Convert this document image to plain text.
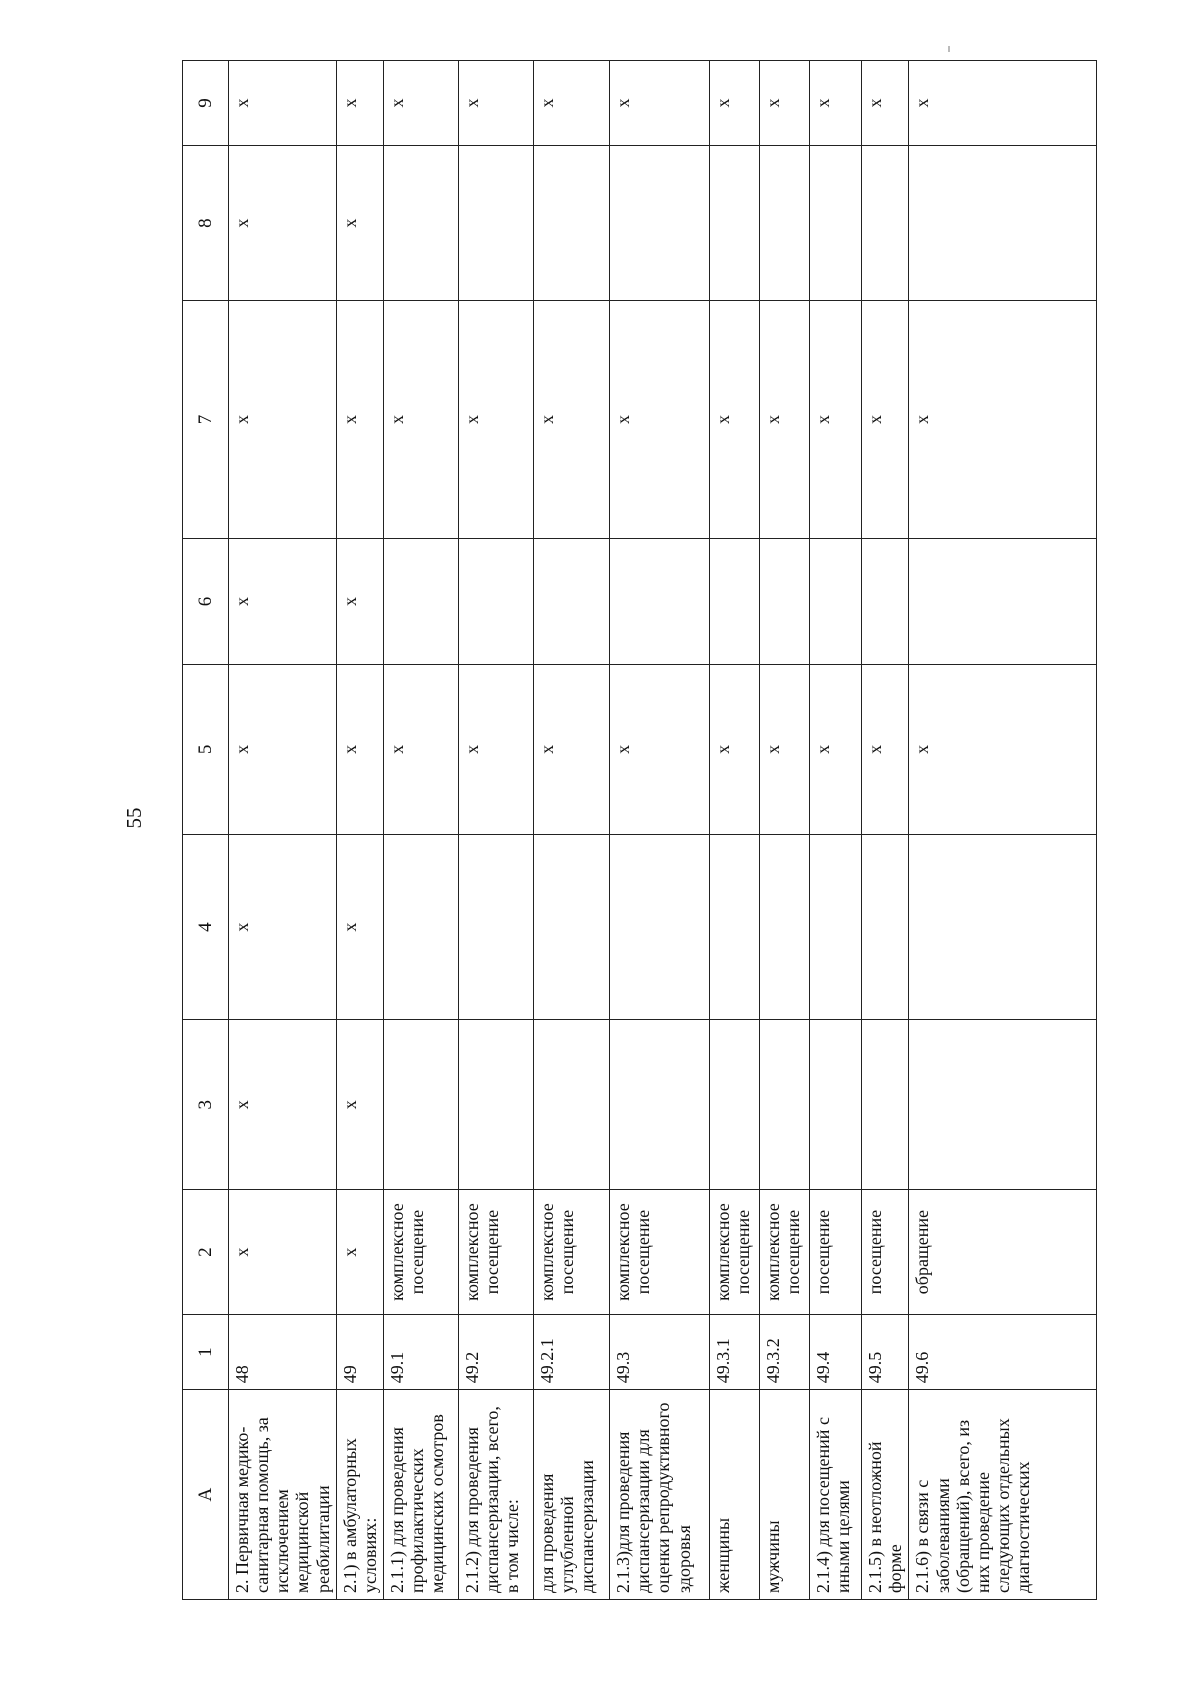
55
А	1	2	3	4	5	6	7	8	9
2. Первичная медико-санитарная помощь, за исключением медицинской реабилитации	48	х	х	х	х	х	х	х	х
2.1) в амбулаторных условиях:	49	х	х	х	х	х	х	х	х
2.1.1) для проведения профилактических медицинских осмотров	49.1	комплексное посещение			х		х		х
2.1.2) для проведения диспансеризации, всего, в том числе:	49.2	комплексное посещение			х		х		х
для проведения углубленной диспансеризации	49.2.1	комплексное посещение			х		х		х
2.1.3)для проведения диспансеризации для оценки репродуктивного здоровья	49.3	комплексное посещение			х		х		х
женщины	49.3.1	комплексное посещение			х		х		х
мужчины	49.3.2	комплексное посещение			х		х		х
2.1.4) для посещений с иными целями	49.4	посещение			х		х		х
2.1.5) в неотложной форме	49.5	посещение			х		х		х
2.1.6) в связи с заболеваниями (обращений), всего, из них проведение следующих отдельных диагностических	49.6	обращение			х		х		х
